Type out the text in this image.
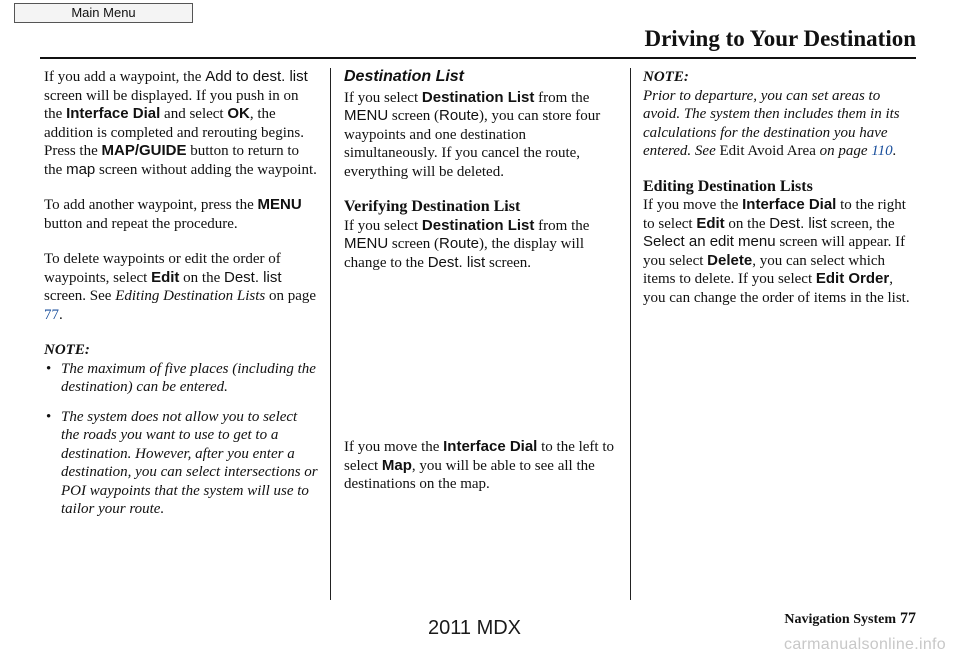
Main Menu
Driving to Your Destination

If you add a waypoint, the Add to dest. list screen will be displayed. If you push in on the Interface Dial and select OK, the addition is completed and rerouting begins. Press the MAP/GUIDE button to return to the map screen without adding the waypoint.

To add another waypoint, press the MENU button and repeat the procedure.

To delete waypoints or edit the order of waypoints, select Edit on the Dest. list screen. See Editing Destination Lists on page 77.

NOTE:
• The maximum of five places (including the destination) can be entered.
• The system does not allow you to select the roads you want to use to get to a destination. However, after you enter a destination, you can select intersections or POI waypoints that the system will use to tailor your route.
Destination List

If you select Destination List from the MENU screen (Route), you can store four waypoints and one destination simultaneously. If you cancel the route, everything will be deleted.

Verifying Destination List

If you select Destination List from the MENU screen (Route), the display will change to the Dest. list screen.

If you move the Interface Dial to the left to select Map, you will be able to see all the destinations on the map.

NOTE:

Prior to departure, you can set areas to avoid. The system then includes them in its calculations for the destination you have entered. See Edit Avoid Area on page 110.

Editing Destination Lists

If you move the Interface Dial to the right to select Edit on the Dest. list screen, the Select an edit menu screen will appear. If you select Delete, you can select which items to delete. If you select Edit Order, you can change the order of items in the list.

Navigation System 77
2011 MDX
carmanualsonline.info
